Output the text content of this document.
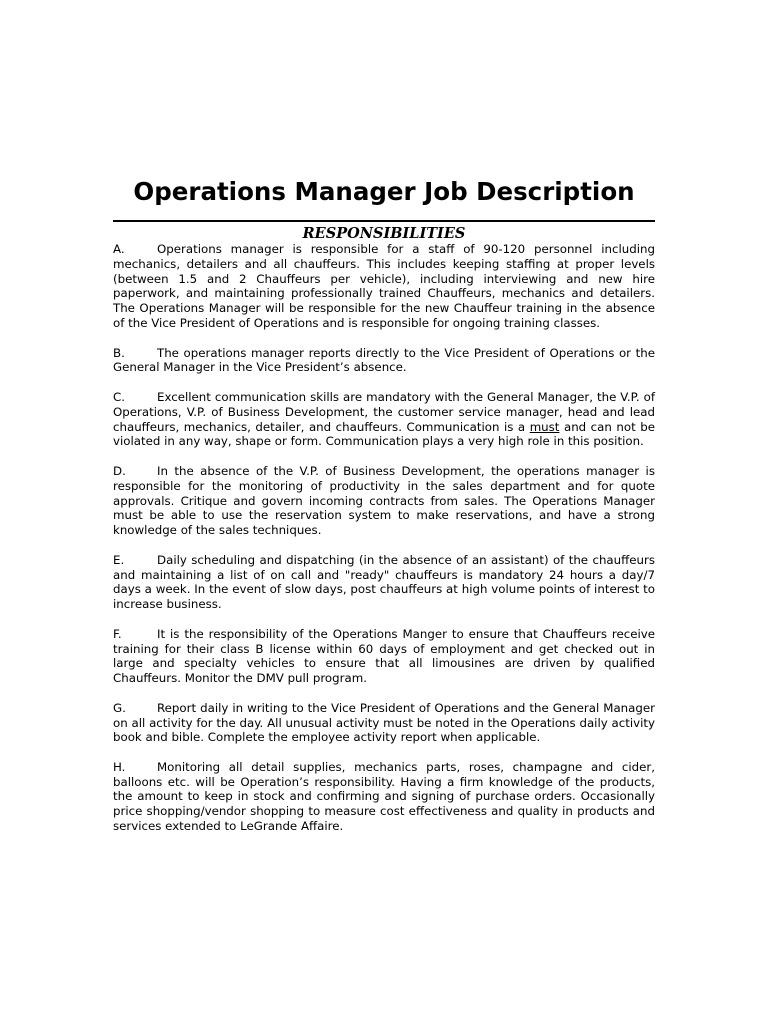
Operations Manager Job Description
RESPONSIBILITIES

A.	Operations manager is responsible for a staff of 90-120 personnel including mechanics, detailers and all chauffeurs. This includes keeping staffing at proper levels (between 1.5 and 2 Chauffeurs per vehicle), including interviewing and new hire paperwork, and maintaining professionally trained Chauffeurs, mechanics and detailers. The Operations Manager will be responsible for the new Chauffeur training in the absence of the Vice President of Operations and is responsible for ongoing training classes.

B.	The operations manager reports directly to the Vice President of Operations or the General Manager in the Vice President’s absence.

C.	Excellent communication skills are mandatory with the General Manager, the V.P. of Operations, V.P. of Business Development, the customer service manager, head and lead chauffeurs, mechanics, detailer, and chauffeurs. Communication is a must and can not be violated in any way, shape or form. Communication plays a very high role in this position.

D.	In the absence of the V.P. of Business Development, the operations manager is responsible for the monitoring of productivity in the sales department and for quote approvals. Critique and govern incoming contracts from sales. The Operations Manager must be able to use the reservation system to make reservations, and have a strong knowledge of the sales techniques.

E.	Daily scheduling and dispatching (in the absence of an assistant) of the chauffeurs and maintaining a list of on call and "ready" chauffeurs is mandatory 24 hours a day/7 days a week. In the event of slow days, post chauffeurs at high volume points of interest to increase business.

F.	It is the responsibility of the Operations Manger to ensure that Chauffeurs receive training for their class B license within 60 days of employment and get checked out in large and specialty vehicles to ensure that all limousines are driven by qualified Chauffeurs. Monitor the DMV pull program.

G.	Report daily in writing to the Vice President of Operations and the General Manager on all activity for the day. All unusual activity must be noted in the Operations daily activity book and bible. Complete the employee activity report when applicable.

H.	Monitoring all detail supplies, mechanics parts, roses, champagne and cider, balloons etc. will be Operation’s responsibility. Having a firm knowledge of the products, the amount to keep in stock and confirming and signing of purchase orders. Occasionally price shopping/vendor shopping to measure cost effectiveness and quality in products and services extended to LeGrande Affaire.
